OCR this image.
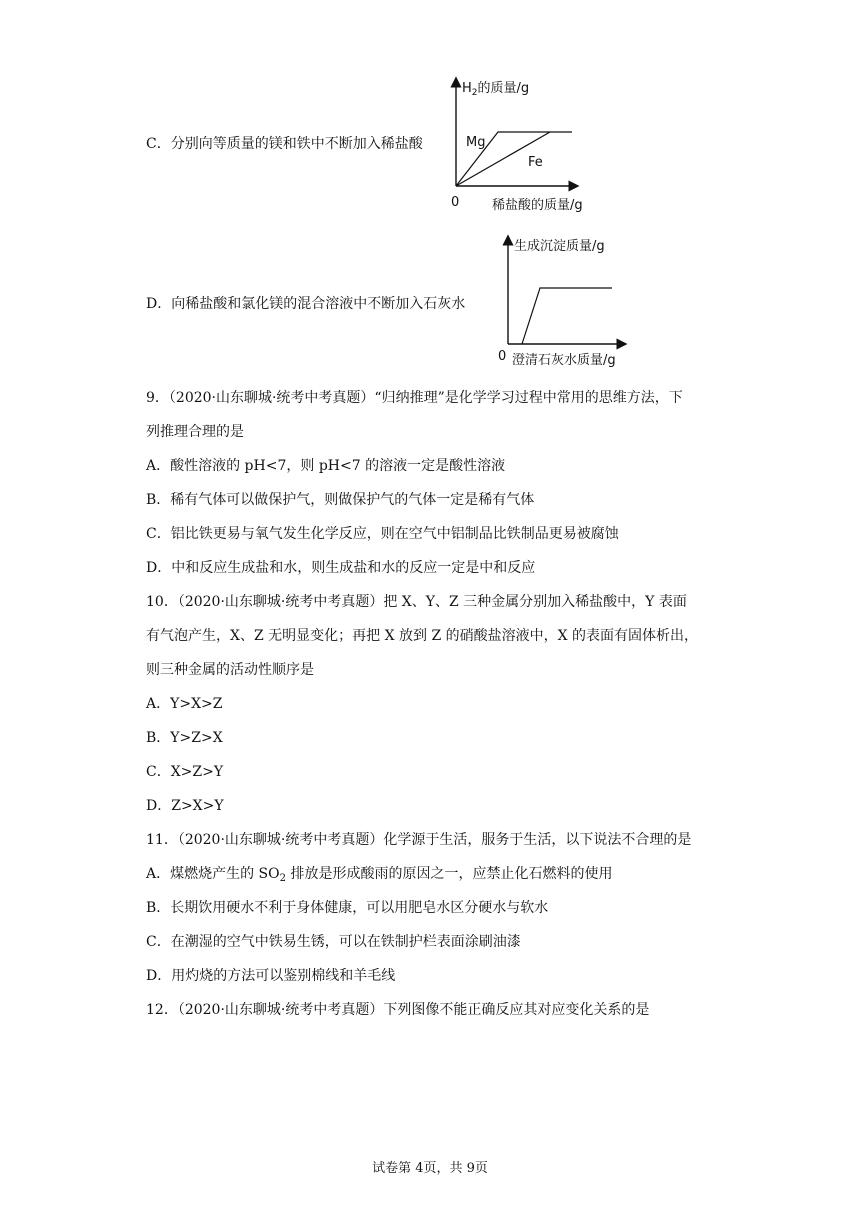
C．分别向等质量的镁和铁中不断加入稀盐酸
$H_2$的质量/g
0	稀盐酸的质量/g
Mg
Fe
D．向稀盐酸和氯化镁的混合溶液中不断加入石灰水
生成沉淀质量/g
0 澄清石灰水质量/g
9．（2020·山东聊城·统考中考真题）“归纳推理”是化学学习过程中常用的思维方法，下
列推理合理的是
A．酸性溶液的 pH<7，则 pH<7 的溶液一定是酸性溶液
B．稀有气体可以做保护气，则做保护气的气体一定是稀有气体
C．铝比铁更易与氧气发生化学反应，则在空气中铝制品比铁制品更易被腐蚀
D．中和反应生成盐和水，则生成盐和水的反应一定是中和反应
10．（2020·山东聊城·统考中考真题）把 X、Y、Z 三种金属分别加入稀盐酸中，Y 表面
有气泡产生，X、Z 无明显变化；再把 X 放到 Z 的硝酸盐溶液中，X 的表面有固体析出，
则三种金属的活动性顺序是
A．Y>X>Z
B．Y>Z>X
C．X>Z>Y
D．Z>X>Y
11．（2020·山东聊城·统考中考真题）化学源于生活，服务于生活，以下说法不合理的是
A．煤燃烧产生的 $SO_2$ 排放是形成酸雨的原因之一，应禁止化石燃料的使用
B．长期饮用硬水不利于身体健康，可以用肥皂水区分硬水与软水
C．在潮湿的空气中铁易生锈，可以在铁制护栏表面涂刷油漆
D．用灼烧的方法可以鉴别棉线和羊毛线
12．（2020·山东聊城·统考中考真题）下列图像不能正确反应其对应变化关系的是
试卷第 4页，共 9页
